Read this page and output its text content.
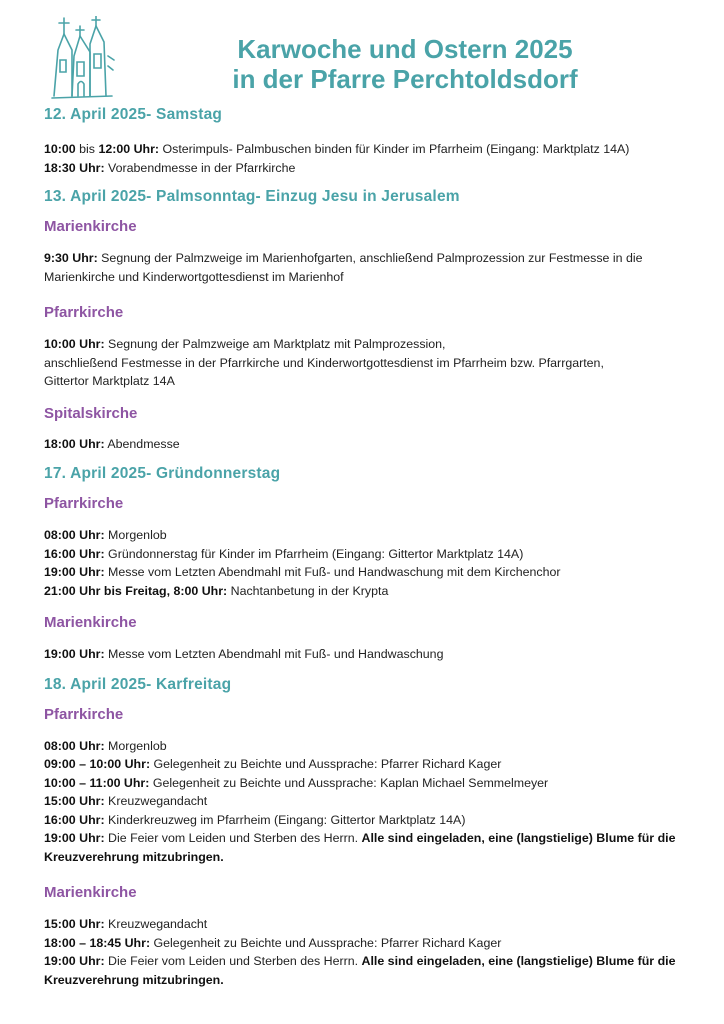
Karwoche und Ostern 2025
in der Pfarre Perchtoldsdorf
12. April 2025- Samstag
10:00 bis 12:00 Uhr: Osterimpuls- Palmbuschen binden für Kinder im Pfarrheim (Eingang: Marktplatz 14A)
18:30 Uhr: Vorabendmesse in der Pfarrkirche
13. April 2025- Palmsonntag- Einzug Jesu in Jerusalem
Marienkirche
9:30 Uhr: Segnung der Palmzweige im Marienhofgarten, anschließend Palmprozession zur Festmesse in die Marienkirche und Kinderwortgottesdienst im Marienhof
Pfarrkirche
10:00 Uhr: Segnung der Palmzweige am Marktplatz mit Palmprozession,
anschließend Festmesse in der Pfarrkirche und Kinderwortgottesdienst im Pfarrheim bzw. Pfarrgarten,
Gittertor Marktplatz 14A
Spitalskirche
18:00 Uhr: Abendmesse
17. April 2025- Gründonnerstag
Pfarrkirche
08:00 Uhr: Morgenlob
16:00 Uhr: Gründonnerstag für Kinder im Pfarrheim (Eingang: Gittertor Marktplatz 14A)
19:00 Uhr: Messe vom Letzten Abendmahl mit Fuß- und Handwaschung mit dem Kirchenchor
21:00 Uhr bis Freitag, 8:00 Uhr: Nachtanbetung in der Krypta
Marienkirche
19:00 Uhr: Messe vom Letzten Abendmahl mit Fuß- und Handwaschung
18. April 2025- Karfreitag
Pfarrkirche
08:00 Uhr: Morgenlob
09:00 – 10:00 Uhr: Gelegenheit zu Beichte und Aussprache: Pfarrer Richard Kager
10:00 – 11:00 Uhr: Gelegenheit zu Beichte und Aussprache: Kaplan Michael Semmelmeyer
15:00 Uhr: Kreuzwegandacht
16:00 Uhr: Kinderkreuzweg im Pfarrheim (Eingang: Gittertor Marktplatz 14A)
19:00 Uhr: Die Feier vom Leiden und Sterben des Herrn. Alle sind eingeladen, eine (langstielige) Blume für die Kreuzverehrung mitzubringen.
Marienkirche
15:00 Uhr: Kreuzwegandacht
18:00 – 18:45 Uhr: Gelegenheit zu Beichte und Aussprache: Pfarrer Richard Kager
19:00 Uhr: Die Feier vom Leiden und Sterben des Herrn. Alle sind eingeladen, eine (langstielige) Blume für die Kreuzverehrung mitzubringen.
